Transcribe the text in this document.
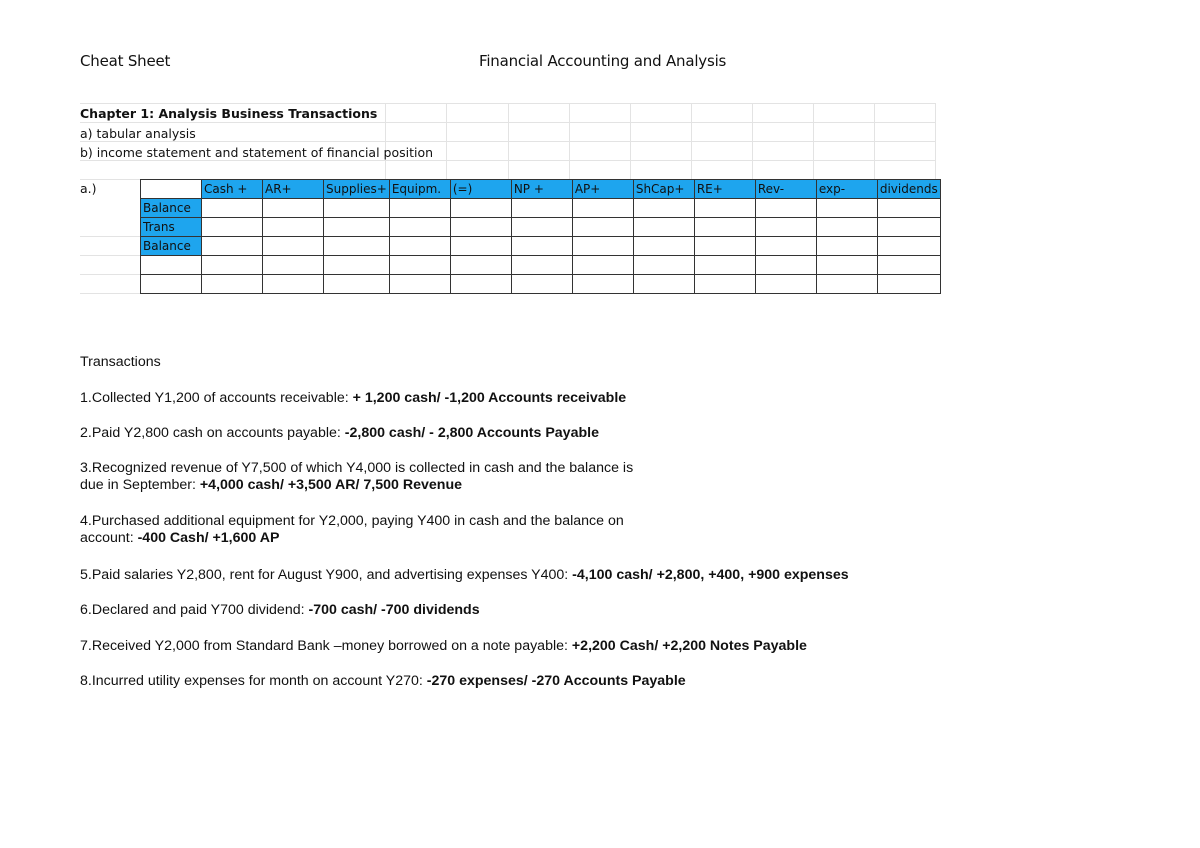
Cheat Sheet	Financial Accounting and Analysis
Chapter 1: Analysis Business Transactions
a) tabular analysis
b) income statement and statement of financial position
a.)
		Cash +	AR+	Supplies+	Equipm.	(=)	NP +	AP+	ShCap+	RE+	Rev-	exp-	dividends
Balance												
Trans												
Balance												

Transactions
1.Collected Y1,200 of accounts receivable: + 1,200 cash/ -1,200 Accounts receivable
2.Paid Y2,800 cash on accounts payable: -2,800 cash/ - 2,800 Accounts Payable
3.Recognized revenue of Y7,500 of which Y4,000 is collected in cash and the balance is
due in September: +4,000 cash/ +3,500 AR/ 7,500 Revenue
4.Purchased additional equipment for Y2,000, paying Y400 in cash and the balance on
account: -400 Cash/ +1,600 AP
5.Paid salaries Y2,800, rent for August Y900, and advertising expenses Y400: -4,100 cash/ +2,800, +400, +900 expenses
6.Declared and paid Y700 dividend: -700 cash/ -700 dividends
7.Received Y2,000 from Standard Bank –money borrowed on a note payable: +2,200 Cash/ +2,200 Notes Payable
8.Incurred utility expenses for month on account Y270: -270 expenses/ -270 Accounts Payable
